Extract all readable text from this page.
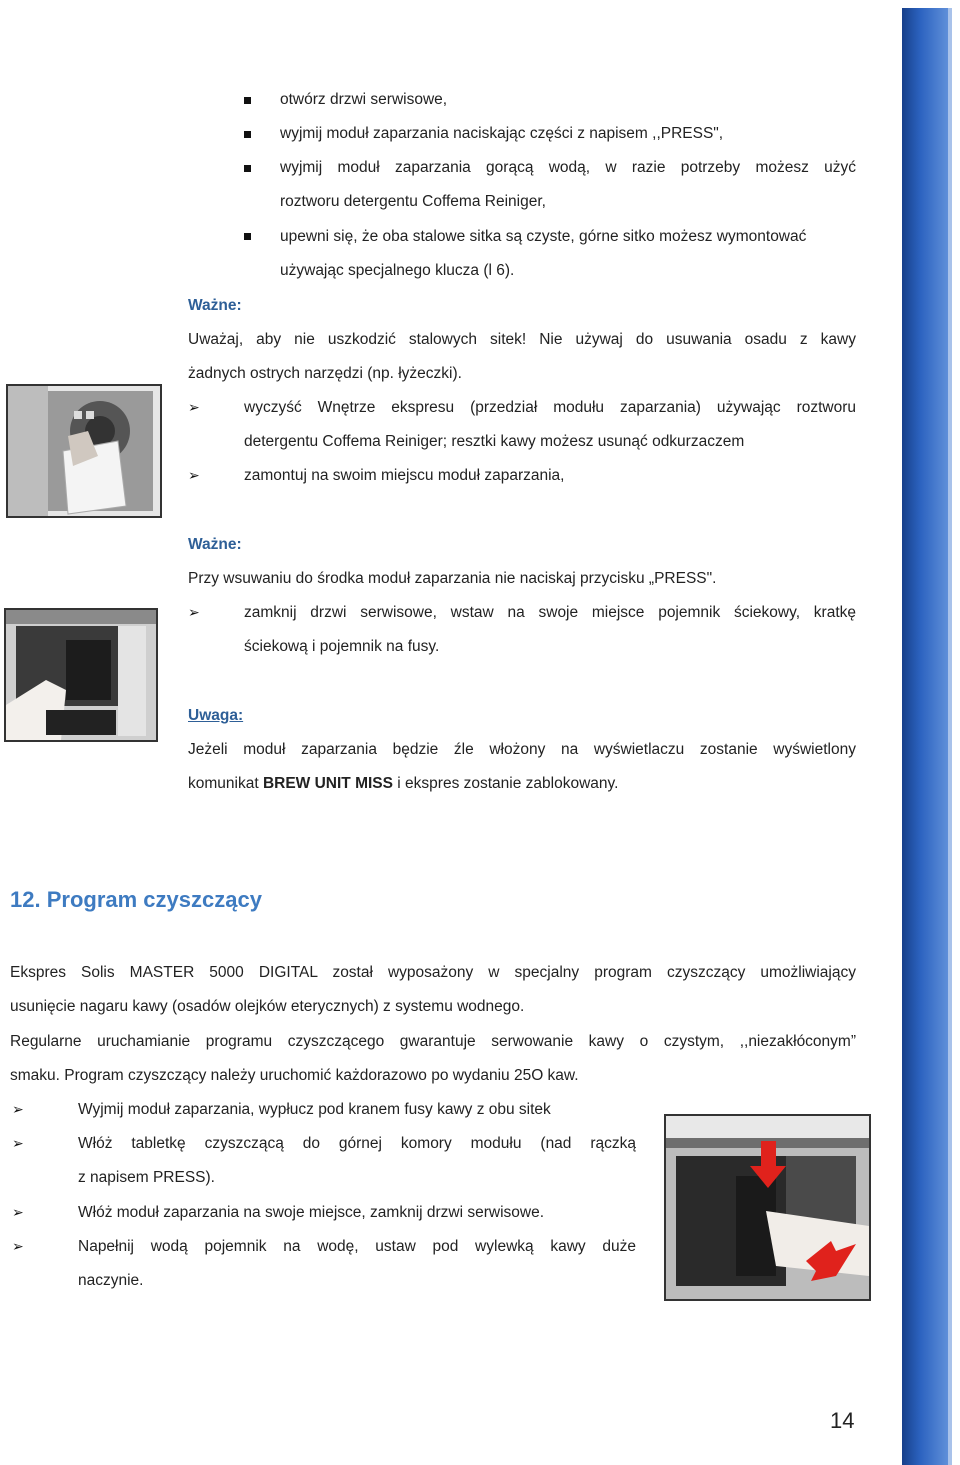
otwórz drzwi serwisowe,
wyjmij moduł zaparzania naciskając części z napisem ,,PRESS",
wyjmij moduł zaparzania gorącą wodą, w razie potrzeby możesz użyć
roztworu detergentu Coffema Reiniger,
upewni się, że oba stalowe sitka są czyste, górne sitko możesz wymontować
używając specjalnego klucza (l 6).
Ważne:
Uważaj, aby nie uszkodzić stalowych sitek! Nie używaj do usuwania osadu z kawy
żadnych ostrych narzędzi (np. łyżeczki).
➢	wyczyść Wnętrze ekspresu (przedział modułu zaparzania) używając roztworu
detergentu Coffema Reiniger; resztki kawy możesz usunąć odkurzaczem
➢	zamontuj na swoim miejscu moduł zaparzania,
Ważne:
Przy wsuwaniu do środka moduł zaparzania nie naciskaj przycisku „PRESS".
➢	zamknij drzwi serwisowe, wstaw na swoje miejsce pojemnik ściekowy, kratkę
ściekową i pojemnik na fusy.
Uwaga:
Jeżeli moduł zaparzania będzie źle włożony na wyświetlaczu zostanie wyświetlony
komunikat BREW UNIT MISS i ekspres zostanie zablokowany.
12. Program czyszczący
Ekspres Solis MASTER 5000 DIGITAL został wyposażony w specjalny program czyszczący umożliwiający
usunięcie nagaru kawy (osadów olejków eterycznych) z systemu wodnego.
Regularne uruchamianie programu czyszczącego gwarantuje serwowanie kawy o czystym, ,,niezakłóconym”
smaku. Program czyszczący należy uruchomić każdorazowo po wydaniu 25O kaw.
➢	Wyjmij moduł zaparzania, wypłucz pod kranem fusy kawy z obu sitek
➢	Włóż tabletkę czyszczącą do górnej komory modułu (nad rączką
z napisem PRESS).
➢	Włóż moduł zaparzania na swoje miejsce, zamknij drzwi serwisowe.
➢	Napełnij wodą pojemnik na wodę, ustaw pod wylewką kawy duże
naczynie.
14
